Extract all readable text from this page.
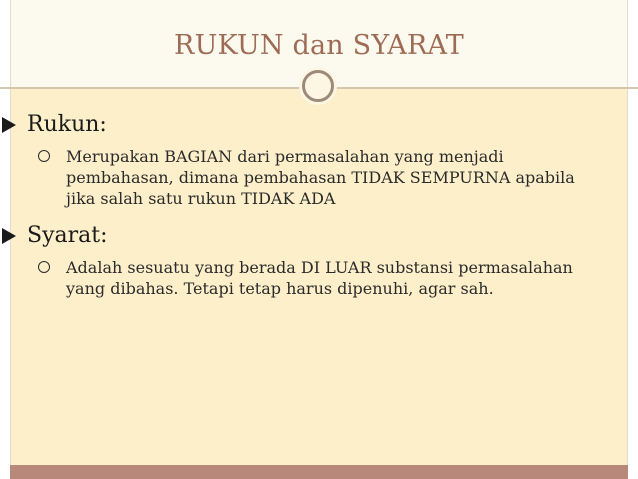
RUKUN dan SYARAT
Rukun:
Merupakan BAGIAN dari permasalahan yang menjadi pembahasan, dimana pembahasan TIDAK SEMPURNA apabila jika salah satu rukun TIDAK ADA
Syarat:
Adalah sesuatu yang berada DI LUAR substansi permasalahan yang dibahas. Tetapi tetap harus dipenuhi, agar sah.
